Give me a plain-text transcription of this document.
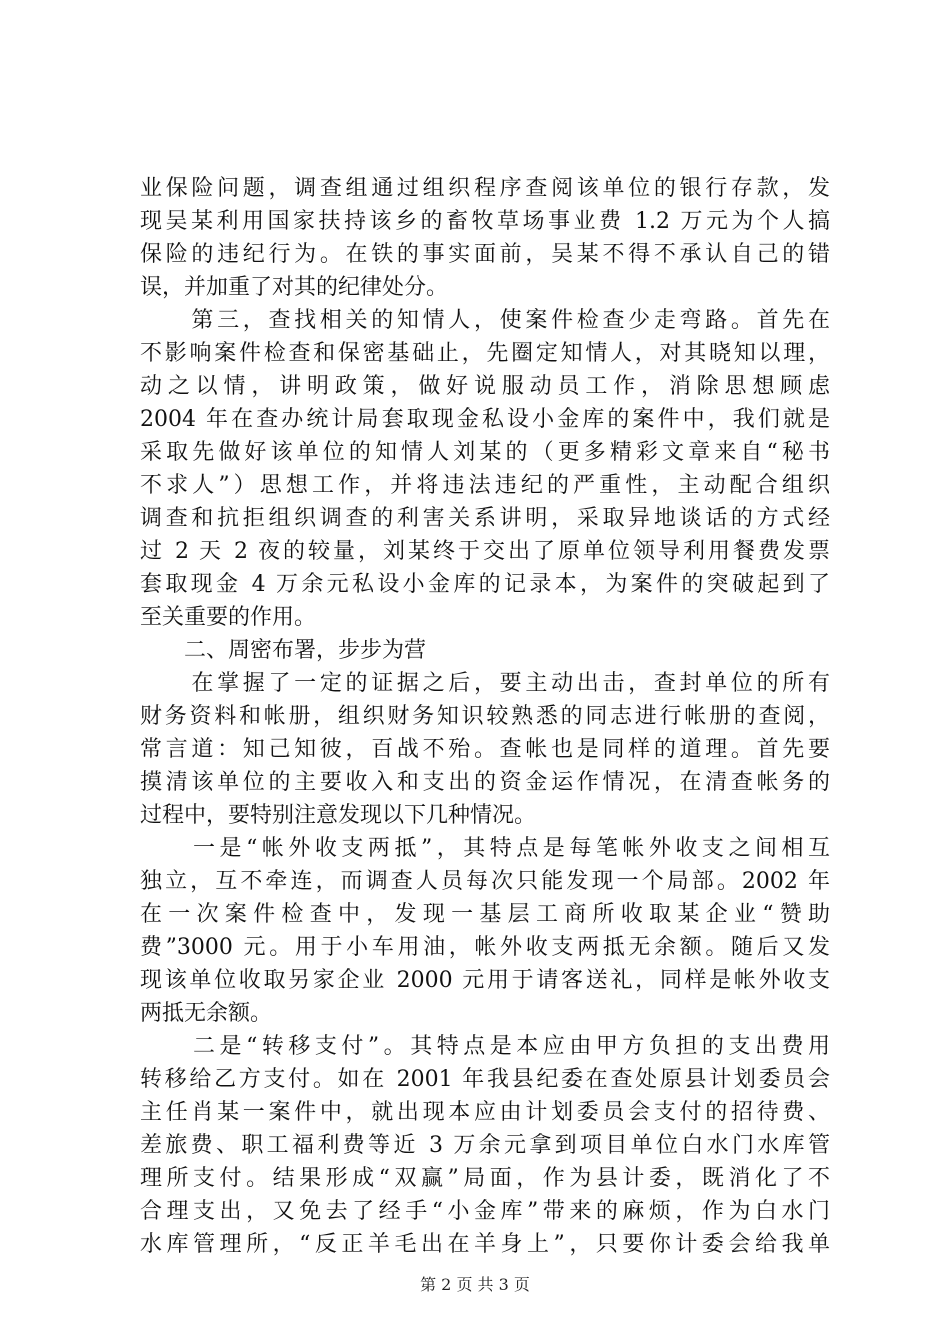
业保险问题，调查组通过组织程序查阅该单位的银行存款，发
现吴某利用国家扶持该乡的畜牧草场事业费 1.2 万元为个人搞
保险的违纪行为。在铁的事实面前，吴某不得不承认自己的错
误，并加重了对其的纪律处分。
　　第三，查找相关的知情人，使案件检查少走弯路。首先在
不影响案件检查和保密基础止，先圈定知情人，对其晓知以理，
动之以情，讲明政策，做好说服动员工作，消除思想顾虑
2004 年在查办统计局套取现金私设小金库的案件中，我们就是
采取先做好该单位的知情人刘某的（更多精彩文章来自“秘书
不求人”）思想工作，并将违法违纪的严重性，主动配合组织
调查和抗拒组织调查的利害关系讲明，采取异地谈话的方式经
过 2 天 2 夜的较量，刘某终于交出了原单位领导利用餐费发票
套取现金 4 万余元私设小金库的记录本，为案件的突破起到了
至关重要的作用。
　　二、周密布署，步步为营
　　在掌握了一定的证据之后，要主动出击，查封单位的所有
财务资料和帐册，组织财务知识较熟悉的同志进行帐册的查阅，
常言道：知己知彼，百战不殆。查帐也是同样的道理。首先要
摸清该单位的主要收入和支出的资金运作情况，在清查帐务的
过程中，要特别注意发现以下几种情况。
　　一是“帐外收支两抵”，其特点是每笔帐外收支之间相互
独立，互不牵连，而调查人员每次只能发现一个局部。2002 年
在一次案件检查中，发现一基层工商所收取某企业“赞助
费”3000 元。用于小车用油，帐外收支两抵无余额。随后又发
现该单位收取另家企业 2000 元用于请客送礼，同样是帐外收支
两抵无余额。
　　二是“转移支付”。其特点是本应由甲方负担的支出费用
转移给乙方支付。如在 2001 年我县纪委在查处原县计划委员会
主任肖某一案件中，就出现本应由计划委员会支付的招待费、
差旅费、职工福利费等近 3 万余元拿到项目单位白水门水库管
理所支付。结果形成“双赢”局面，作为县计委，既消化了不
合理支出，又免去了经手“小金库”带来的麻烦，作为白水门
水库管理所，“反正羊毛出在羊身上”，只要你计委会给我单
第 2 页 共 3 页
